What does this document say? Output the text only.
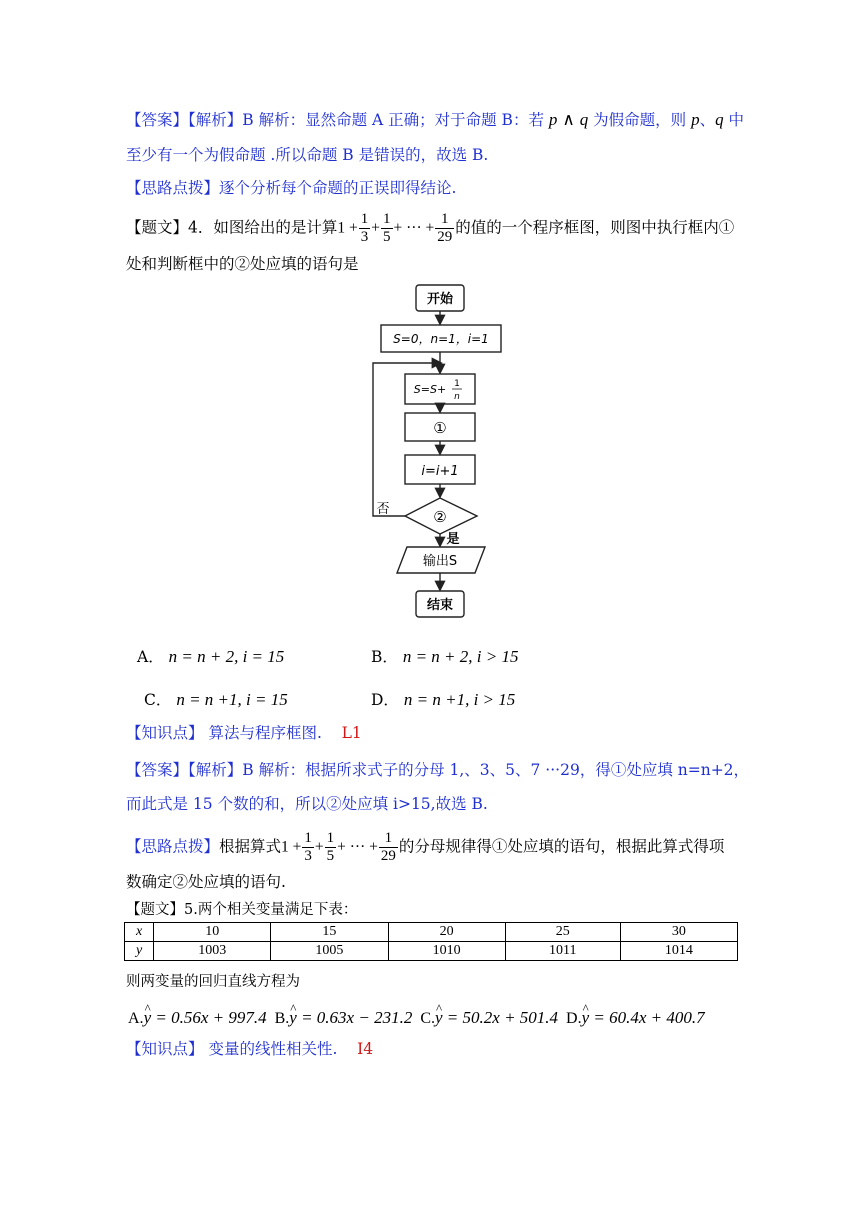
【答案】【解析】B 解析：显然命题 A 正确；对于命题 B：若 p ∧ q 为假命题，则 p、q 中
至少有一个为假命题 .所以命题 B 是错误的，故选 B.
【思路点拨】逐个分析每个命题的正误即得结论.
【题文】4．如图给出的是计算$1 + \frac{1}{3} + \frac{1}{5}$ + ··· + $\frac{1}{29}$ 的值的一个程序框图，则图中执行框内①
处和判断框中的②处应填的语句是
开始
S=0，n=1，i=1
S=S+ 1
n
①
i=i+1
②
否
是
输出S
结束
A． n = n + 2, i = 15	B． n = n + 2, i > 15
C． n = n +1, i = 15	D． n = n +1, i > 15
【知识点】 算法与程序框图. L1
【答案】【解析】B 解析：根据所求式子的分母 1,、3、5、7 ···29，得①处应填 n=n+2，
而此式是 15 个数的和，所以②处应填 i>15,故选 B.
【思路点拨】根据算式$1 + \frac{1}{3} + \frac{1}{5}$ + ··· + $\frac{1}{29}$ 的分母规律得①处应填的语句，根据此算式得项
数确定②处应填的语句.
【题文】5.两个相关变量满足下表：
x	10	15	20	25	30
y	1003	1005	1010	1011	1014
则两变量的回归直线方程为
A.^ y = 0.56x + 997.4 B.^ y = 0.63x − 231.2 C.^ y = 50.2x + 501.4 D.^ y = 60.4x + 400.7
【知识点】 变量的线性相关性. I4
